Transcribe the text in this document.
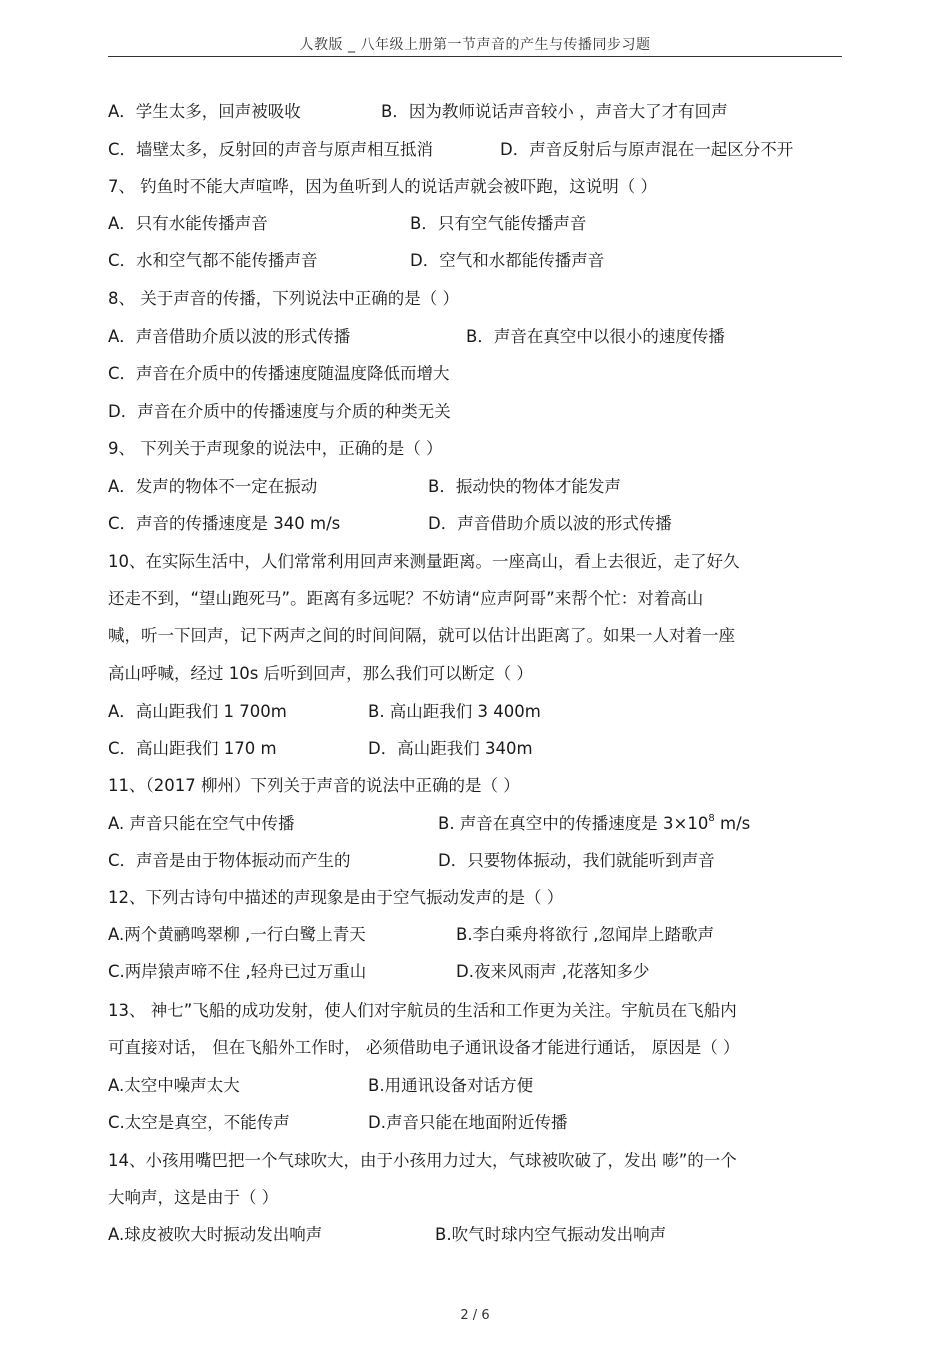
人教版 _ 八年级上册第一节声音的产生与传播同步习题
A．学生太多，回声被吸收	B．因为教师说话声音较小 ，声音大了才有回声
C．墙壁太多，反射回的声音与原声相互抵消	D．声音反射后与原声混在一起区分不开
7、 钓鱼时不能大声喧哗，因为鱼听到人的说话声就会被吓跑，这说明（ ）
A．只有水能传播声音	B．只有空气能传播声音
C．水和空气都不能传播声音	D．空气和水都能传播声音
8、 关于声音的传播，下列说法中正确的是（ ）
A．声音借助介质以波的形式传播	B．声音在真空中以很小的速度传播
C．声音在介质中的传播速度随温度降低而增大
D．声音在介质中的传播速度与介质的种类无关
9、 下列关于声现象的说法中，正确的是（ ）
A．发声的物体不一定在振动	B．振动快的物体才能发声
C．声音的传播速度是 340 m/s	D．声音借助介质以波的形式传播
10、在实际生活中，人们常常利用回声来测量距离。一座高山，看上去很近，走了好久
还走不到，“望山跑死马”。距离有多远呢？不妨请“应声阿哥”来帮个忙：对着高山
喊，听一下回声，记下两声之间的时间间隔，就可以估计出距离了。如果一人对着一座
高山呼喊，经过 10s 后听到回声，那么我们可以断定（ ）
A．高山距我们 1 700m	B. 高山距我们 3 400m
C．高山距我们 170 m	D．高山距我们 340m
11、（2017 柳州）下列关于声音的说法中正确的是（ ）
A. 声音只能在空气中传播	B. 声音在真空中的传播速度是 $3\times 10^8$ m/s
C．声音是由于物体振动而产生的	D．只要物体振动，我们就能听到声音
12、下列古诗句中描述的声现象是由于空气振动发声的是（ ）
A.两个黄鹂鸣翠柳 ,一行白鹭上青天	B.李白乘舟将欲行 ,忽闻岸上踏歌声
C.两岸猿声啼不住 ,轻舟已过万重山	D.夜来风雨声 ,花落知多少
13、 神七”飞船的成功发射，使人们对宇航员的生活和工作更为关注。宇航员在飞船内
可直接对话， 但在飞船外工作时， 必须借助电子通讯设备才能进行通话， 原因是（ ）
A.太空中噪声太大	B.用通讯设备对话方便
C.太空是真空，不能传声	D.声音只能在地面附近传播
14、小孩用嘴巴把一个气球吹大，由于小孩用力过大，气球被吹破了，发出 嘭”的一个
大响声，这是由于（ ）
A.球皮被吹大时振动发出响声	B.吹气时球内空气振动发出响声
2 / 6
